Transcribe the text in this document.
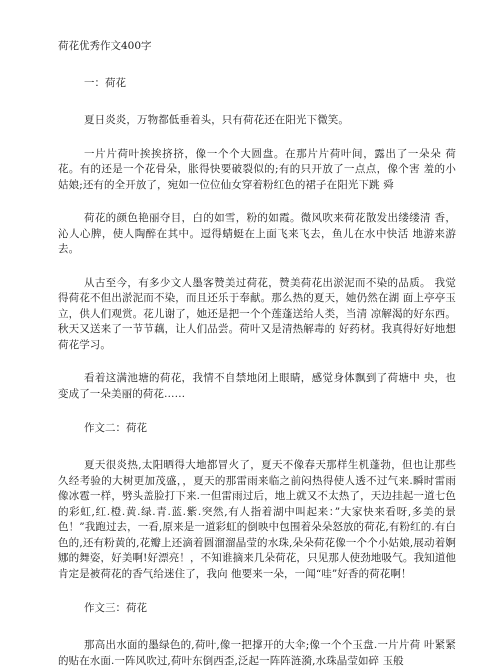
荷花优秀作文400字
一：荷花

夏日炎炎，万物都低垂着头，只有荷花还在阳光下微笑。

一片片荷叶挨挨挤挤，像一个个大圆盘。在那片片荷叶间，露出了一朵朵 荷花。有的还是一个花骨朵，胀得快要破裂似的;有的只开放了一点点，像个害 羞的小姑娘;还有的全开放了，宛如一位位仙女穿着粉红色的裙子在阳光下跳 舜

荷花的颜色艳丽夺目，白的如雪，粉的如霞。微风吹来荷花散发出缕缕清 香，沁人心脾，使人陶醉在其中。逗得蜻蜓在上面飞来飞去，鱼儿在水中快活 地游来游去。

从古至今，有多少文人墨客赞美过荷花，赞美荷花出淤泥而不染的品质。 我觉得荷花不但出淤泥而不染，而且还乐于奉献。那么热的夏天，她仍然在湖 面上亭亭玉立，供人们观赏。花儿谢了，她还是把一个个莲蓬送给人类，当清 凉解渴的好东西。秋天又送来了一节节藕，让人们品尝。荷叶又是清热解毒的 好药材。我真得好好地想荷花学习。

看着这满池塘的荷花，我情不自禁地闭上眼睛，感觉身体飘到了荷塘中 央，也变成了一朵美丽的荷花……

作文二：荷花

夏天很炎热,太阳晒得大地都冒火了，夏天不像春天那样生机蓬勃，但也让那些久经考验的大树更加茂盛，，夏天的那雷雨来临之前闷热得使人透不过气来.瞬时雷雨像冰雹一样，劈头盖脸打下来.一但雷雨过后，地上就又不太热了，天边挂起一道七色的彩虹,红.橙.黄.绿.青.蓝.紫.突然,有人指着湖中叫起来：”大家快来看呀,多美的景色！”我跑过去，一看,原来是一道彩虹的倒映中包围着朵朵怒放的荷花,有粉红的.有白色的,还有粉黄的,花瓣上还滴着圆溜溜晶莹的水珠,朵朵荷花像一个个小姑娘,展动着婀娜的舞姿，好美啊!好漂亮！，不知谁摘来几朵荷花，只见那人使劲地吸气。我知道他肯定是被荷花的香气给迷住了，我向 他要来一朵，一闻“哇”好香的荷花啊！

作文三：荷花

那高出水面的墨绿色的,荷叶,像一把撑开的大伞;像一个个玉盘.一片片荷 叶紧紧的贴在水面.一阵风吹过,荷叶东倒西歪,泛起一阵阵涟漪,水珠晶莹如碎 玉般
